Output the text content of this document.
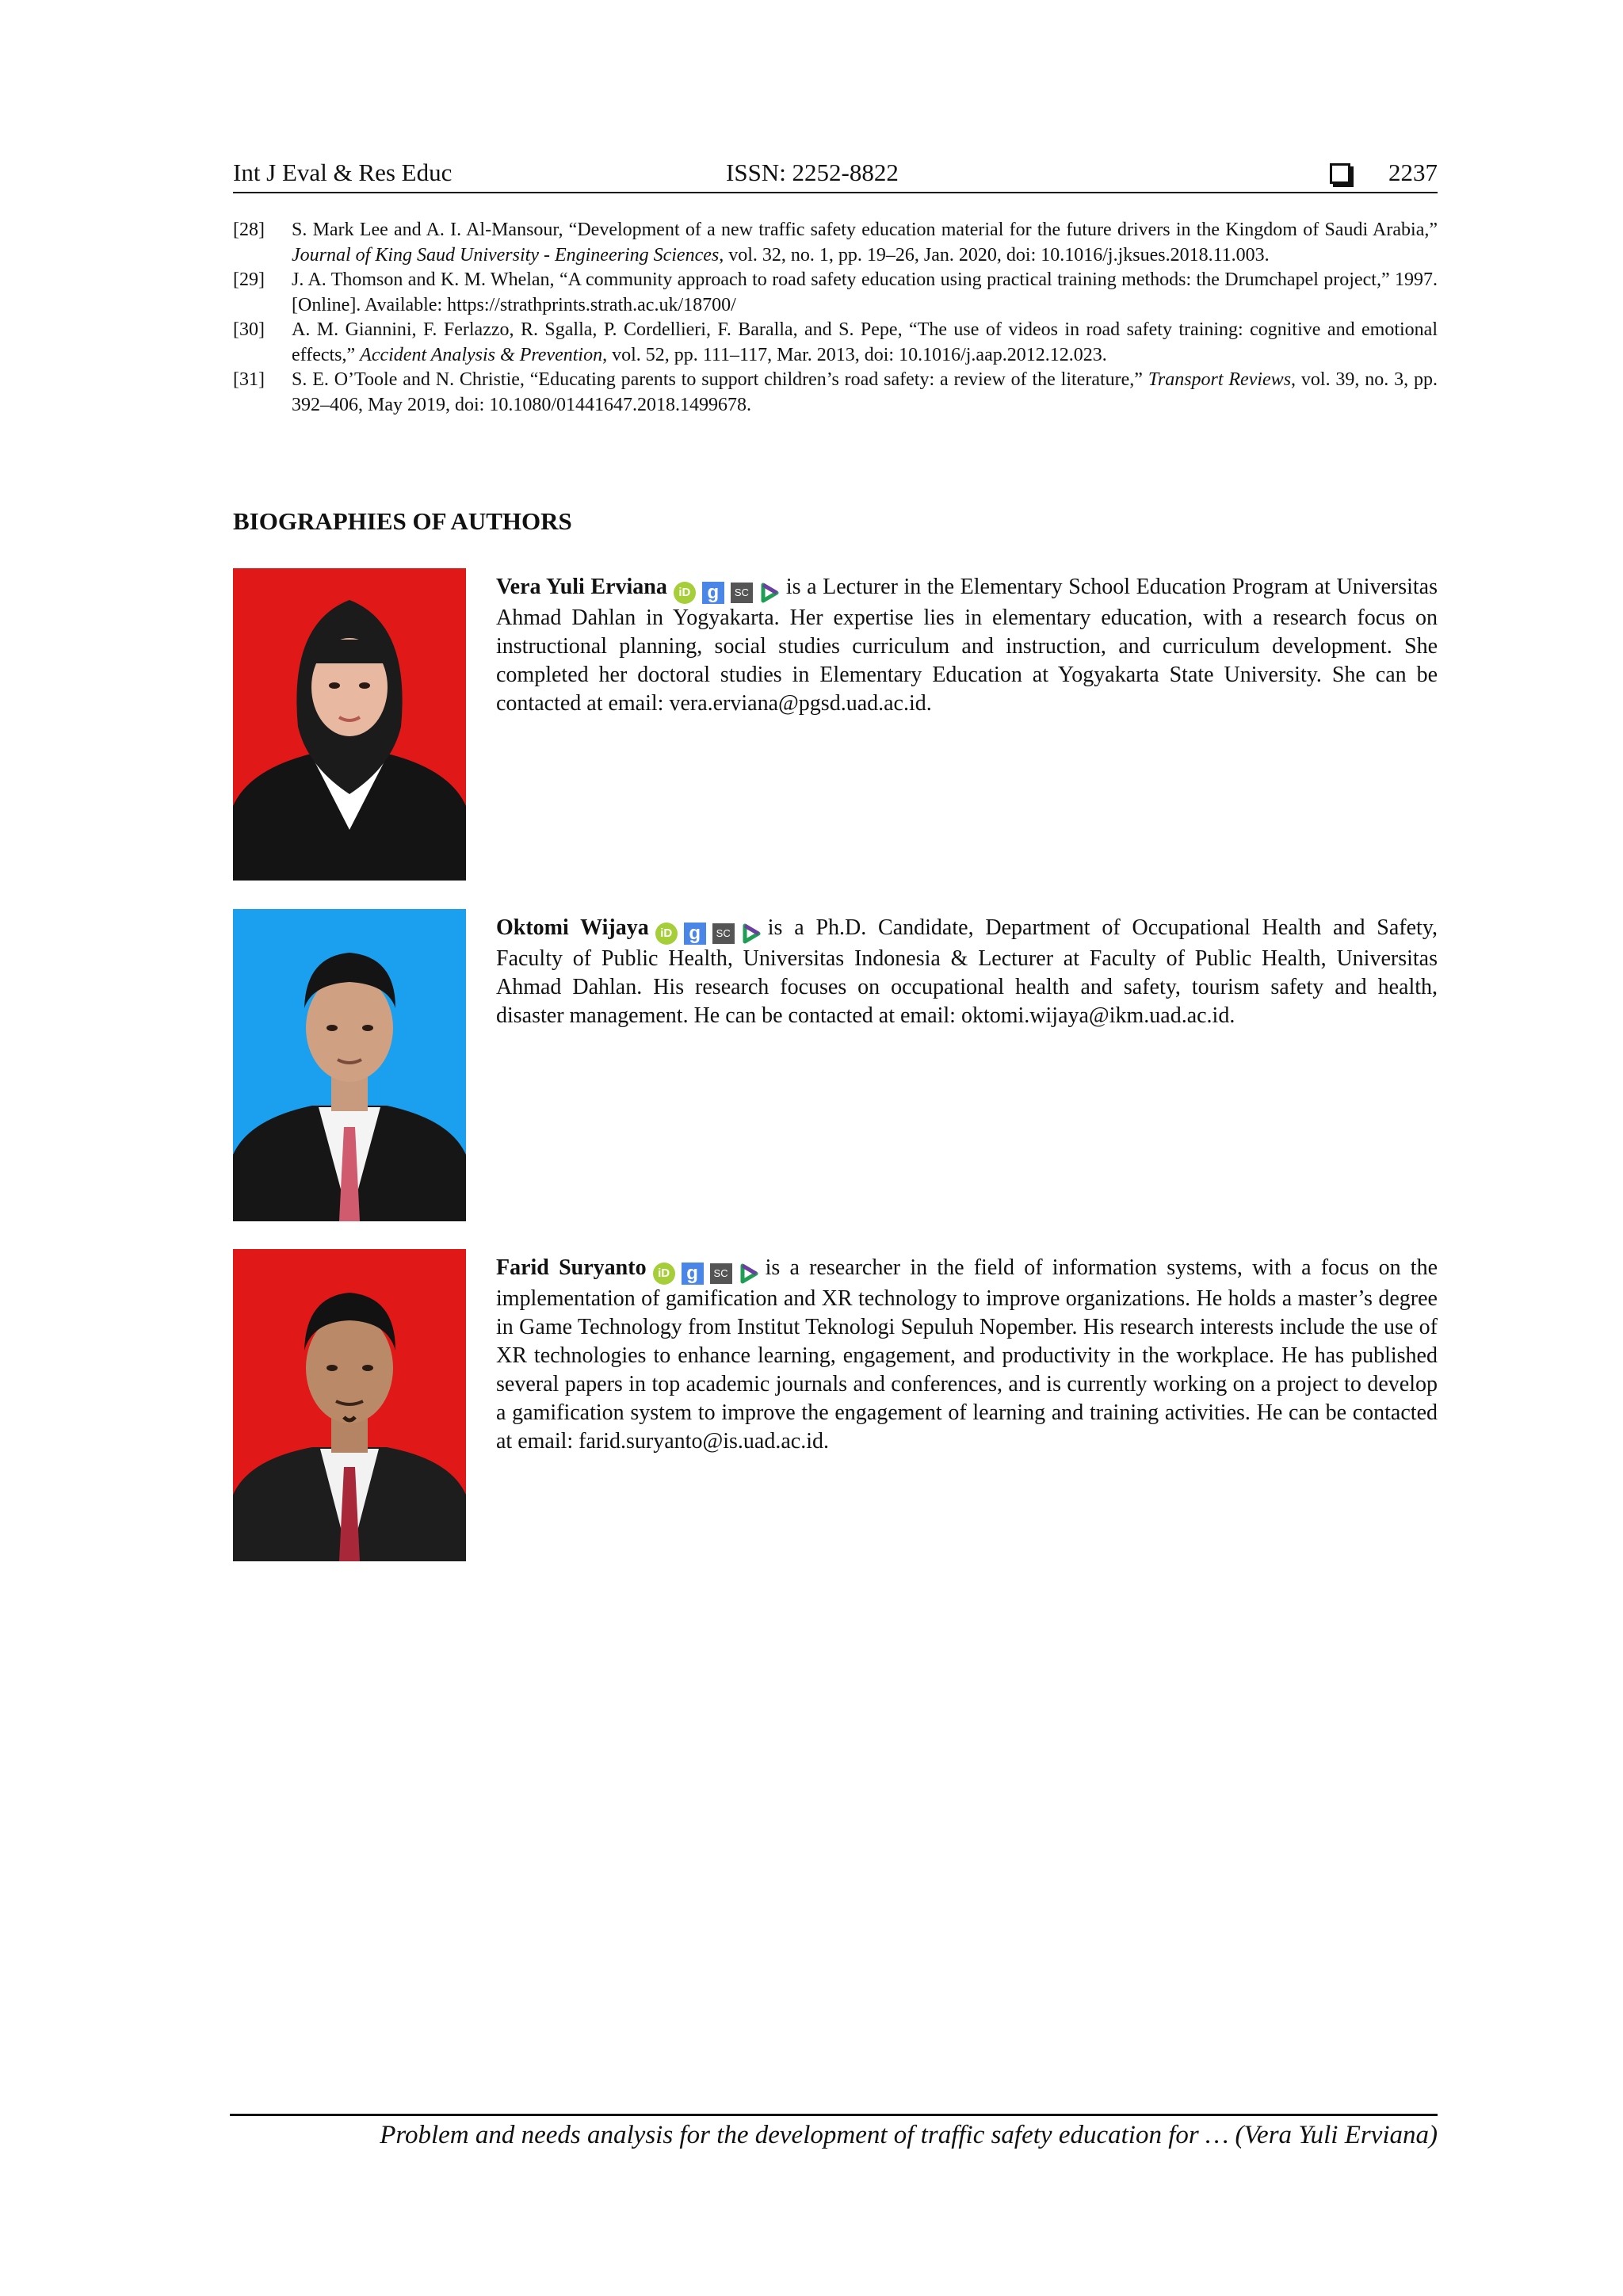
Int J Eval & Res Educ	ISSN: 2252-8822	2237
[28]	S. Mark Lee and A. I. Al-Mansour, “Development of a new traffic safety education material for the future drivers in the Kingdom of Saudi Arabia,” Journal of King Saud University - Engineering Sciences, vol. 32, no. 1, pp. 19–26, Jan. 2020, doi: 10.1016/j.jksues.2018.11.003.
[29]	J. A. Thomson and K. M. Whelan, “A community approach to road safety education using practical training methods: the Drumchapel project,” 1997. [Online]. Available: https://strathprints.strath.ac.uk/18700/
[30]	A. M. Giannini, F. Ferlazzo, R. Sgalla, P. Cordellieri, F. Baralla, and S. Pepe, “The use of videos in road safety training: cognitive and emotional effects,” Accident Analysis & Prevention, vol. 52, pp. 111–117, Mar. 2013, doi: 10.1016/j.aap.2012.12.023.
[31]	S. E. O’Toole and N. Christie, “Educating parents to support children’s road safety: a review of the literature,” Transport Reviews, vol. 39, no. 3, pp. 392–406, May 2019, doi: 10.1080/01441647.2018.1499678.
BIOGRAPHIES OF AUTHORS
Vera Yuli Erviana iD g	SC is a Lecturer in the Elementary School Education Program at Universitas Ahmad Dahlan in Yogyakarta. Her expertise lies in elementary education, with a research focus on instructional planning, social studies curriculum and instruction, and curriculum development. She completed her doctoral studies in Elementary Education at Yogyakarta State University. She can be contacted at email: vera.erviana@pgsd.uad.ac.id.
Oktomi Wijaya iD g	SC is a Ph.D. Candidate, Department of Occupational Health and Safety, Faculty of Public Health, Universitas Indonesia & Lecturer at Faculty of Public Health, Universitas Ahmad Dahlan. His research focuses on occupational health and safety, tourism safety and health, disaster management. He can be contacted at email: oktomi.wijaya@ikm.uad.ac.id.
Farid Suryanto iD g	SC is a researcher in the field of information systems, with a focus on the implementation of gamification and XR technology to improve organizations. He holds a master’s degree in Game Technology from Institut Teknologi Sepuluh Nopember. His research interests include the use of XR technologies to enhance learning, engagement, and productivity in the workplace. He has published several papers in top academic journals and conferences, and is currently working on a project to develop a gamification system to improve the engagement of learning and training activities. He can be contacted at email: farid.suryanto@is.uad.ac.id.
Problem and needs analysis for the development of traffic safety education for … (Vera Yuli Erviana)
